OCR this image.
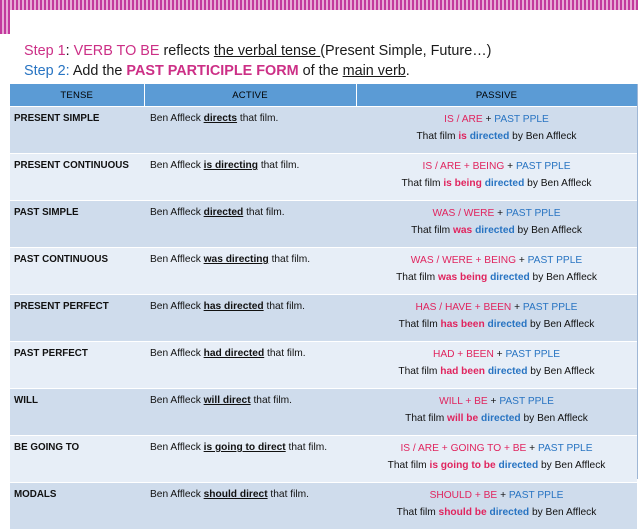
Step 1: VERB TO BE reflects the verbal tense (Present Simple, Future…)
Step 2: Add the PAST PARTICIPLE FORM of the main verb.
TENSE	ACTIVE	PASSIVE
PRESENT SIMPLE	Ben Affleck directs that film.	IS / ARE + PAST PPLE
That film is directed by Ben Affleck

PRESENT CONTINUOUS	Ben Affleck is directing that film.	IS / ARE + BEING + PAST PPLE
That film is being directed by Ben Affleck

PAST SIMPLE	Ben Affleck directed that film.	WAS / WERE + PAST PPLE
That film was directed by Ben Affleck

PAST CONTINUOUS	Ben Affleck was directing that film.	WAS / WERE + BEING + PAST PPLE
That film was being directed by Ben Affleck

PRESENT PERFECT	Ben Affleck has directed that film.	HAS / HAVE + BEEN + PAST PPLE
That film has been directed by Ben Affleck

PAST PERFECT	Ben Affleck had directed that film.	HAD + BEEN + PAST PPLE
That film had been directed by Ben Affleck

WILL	Ben Affleck will direct that film.	WILL + BE + PAST PPLE
That film will be directed by Ben Affleck

BE GOING TO	Ben Affleck is going to direct that film.	IS / ARE + GOING TO + BE + PAST PPLE
That film is going to be directed by Ben Affleck

MODALS	Ben Affleck should direct that film.	SHOULD + BE + PAST PPLE
That film should be directed by Ben Affleck
